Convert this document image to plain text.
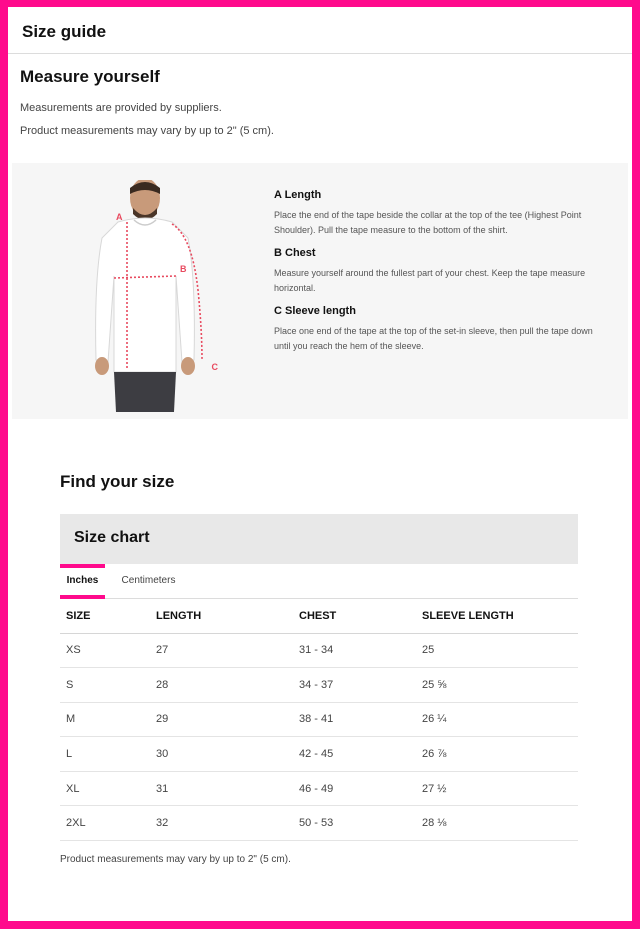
Size guide
Measure yourself

Measurements are provided by suppliers.

Product measurements may vary by up to 2" (5 cm).

A
B
C
A Length

Place the end of the tape beside the collar at the top of the tee (Highest Point Shoulder). Pull the tape measure to the bottom of the shirt.

B Chest

Measure yourself around the fullest part of your chest. Keep the tape measure horizontal.

C Sleeve length

Place one end of the tape at the top of the set-in sleeve, then pull the tape down until you reach the hem of the sleeve.

Find your size
Size chart
Inches	Centimeters
SIZE	LENGTH	CHEST	SLEEVE LENGTH
XS	27	31 - 34	25
S	28	34 - 37	25 ⅝
M	29	38 - 41	26 ¼
L	30	42 - 45	26 ⅞
XL	31	46 - 49	27 ½
2XL	32	50 - 53	28 ⅛

Product measurements may vary by up to 2" (5 cm).
